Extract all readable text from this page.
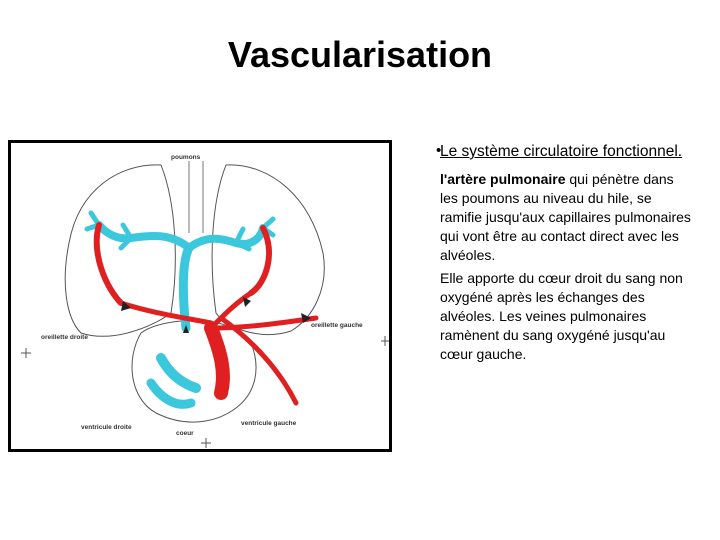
Vascularisation
poumons
oreillette droite
oreillette gauche
ventricule droite
coeur
ventricule gauche
•
Le système circulatoire fonctionnel.

l'artère pulmonaire qui pénètre dans les poumons au niveau du hile, se ramifie jusqu'aux capillaires pulmonaires qui vont être au contact direct avec les alvéoles.

Elle apporte du cœur droit du sang non oxygéné après les échanges des alvéoles. Les veines pulmonaires ramènent du sang oxygéné jusqu'au cœur gauche.
